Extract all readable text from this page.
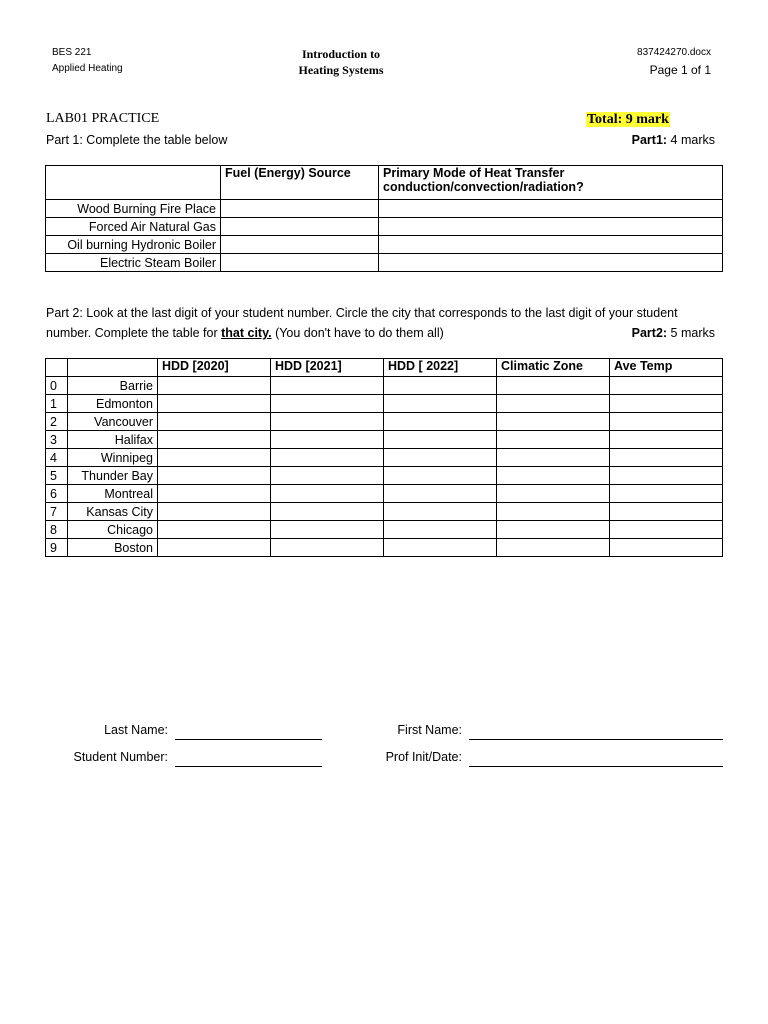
BES 221
Applied Heating
Introduction to
Heating Systems
837424270.docx
Page 1 of 1
LAB01 PRACTICE	Total: 9 mark
Part 1: Complete the table below	Part1: 4 marks
	Fuel (Energy) Source	Primary Mode of Heat Transfer
conduction/convection/radiation?

Wood Burning Fire Place		
Forced Air Natural Gas		
Oil burning Hydronic Boiler		
Electric Steam Boiler		
Part 2: Look at the last digit of your student number. Circle the city that corresponds to the last digit of your student
number. Complete the table for that city. (You don't have to do them all)	Part2: 5 marks
		HDD [2020]	HDD [2021]	HDD [ 2022]	Climatic Zone	Ave Temp
0	Barrie					
1	Edmonton					
2	Vancouver					
3	Halifax					
4	Winnipeg					
5	Thunder Bay					
6	Montreal					
7	Kansas City					
8	Chicago					
9	Boston					
Last Name:	First Name:
Student Number:	Prof Init/Date:
